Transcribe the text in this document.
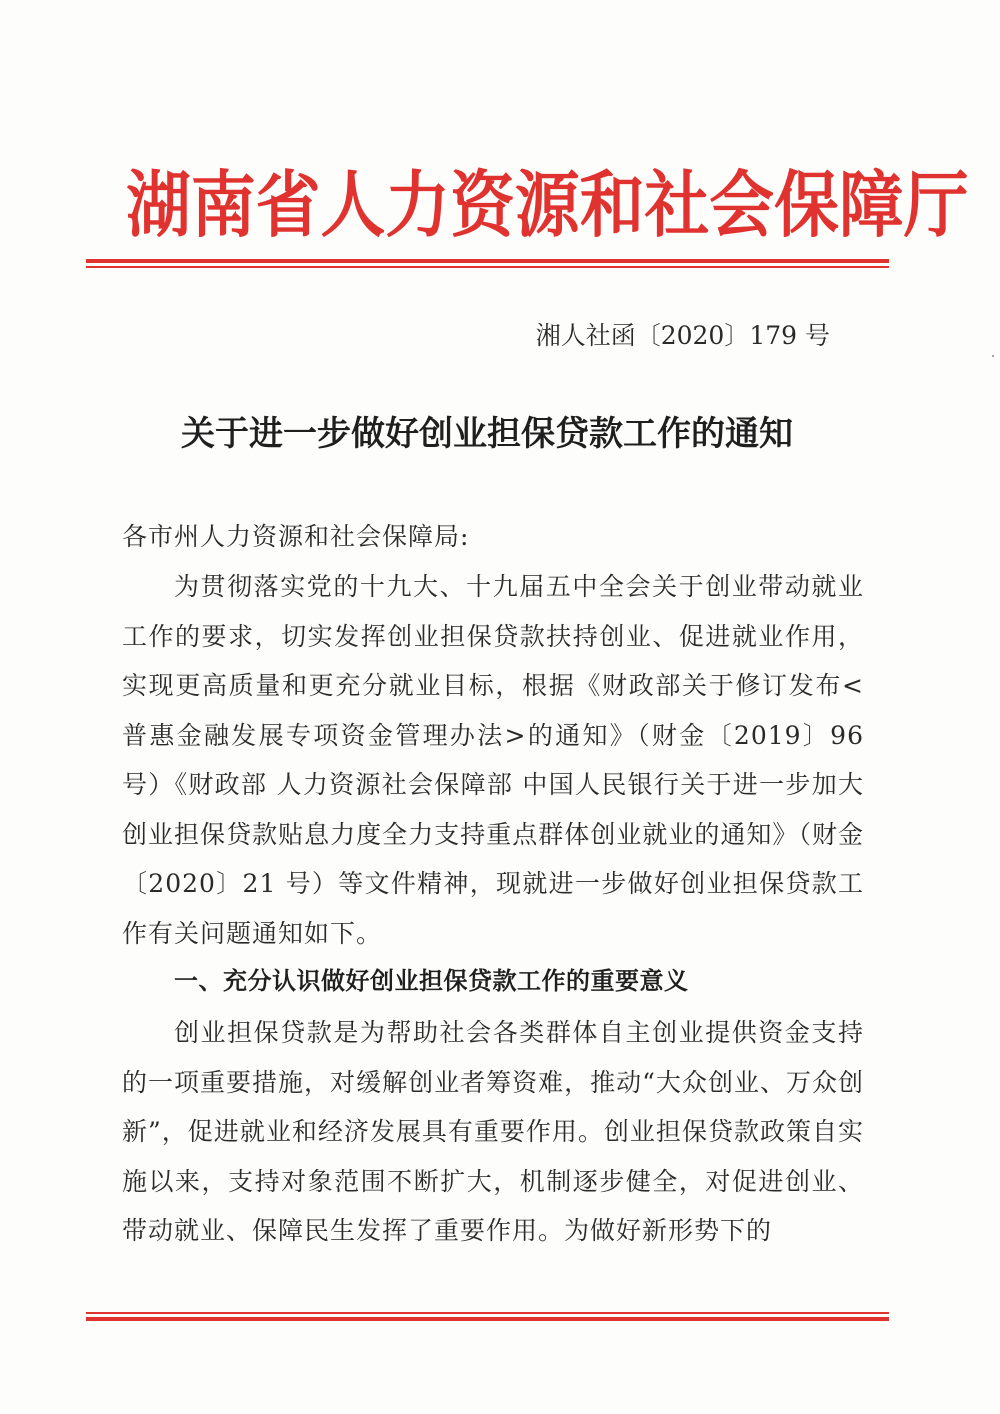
湖南省人力资源和社会保障厅
湘人社函〔2020〕179 号
关于进一步做好创业担保贷款工作的通知

各市州人力资源和社会保障局:

为贯彻落实党的十九大、十九届五中全会关于创业带动就业工作的要求，切实发挥创业担保贷款扶持创业、促进就业作用，实现更高质量和更充分就业目标，根据《财政部关于修订发布<普惠金融发展专项资金管理办法>的通知》（财金〔2019〕96 号）《财政部 人力资源社会保障部 中国人民银行关于进一步加大创业担保贷款贴息力度全力支持重点群体创业就业的通知》（财金〔2020〕21 号）等文件精神，现就进一步做好创业担保贷款工作有关问题通知如下。

一、充分认识做好创业担保贷款工作的重要意义

创业担保贷款是为帮助社会各类群体自主创业提供资金支持的一项重要措施，对缓解创业者筹资难，推动“大众创业、万众创新”，促进就业和经济发展具有重要作用。创业担保贷款政策自实施以来，支持对象范围不断扩大，机制逐步健全，对促进创业、带动就业、保障民生发挥了重要作用。为做好新形势下的
